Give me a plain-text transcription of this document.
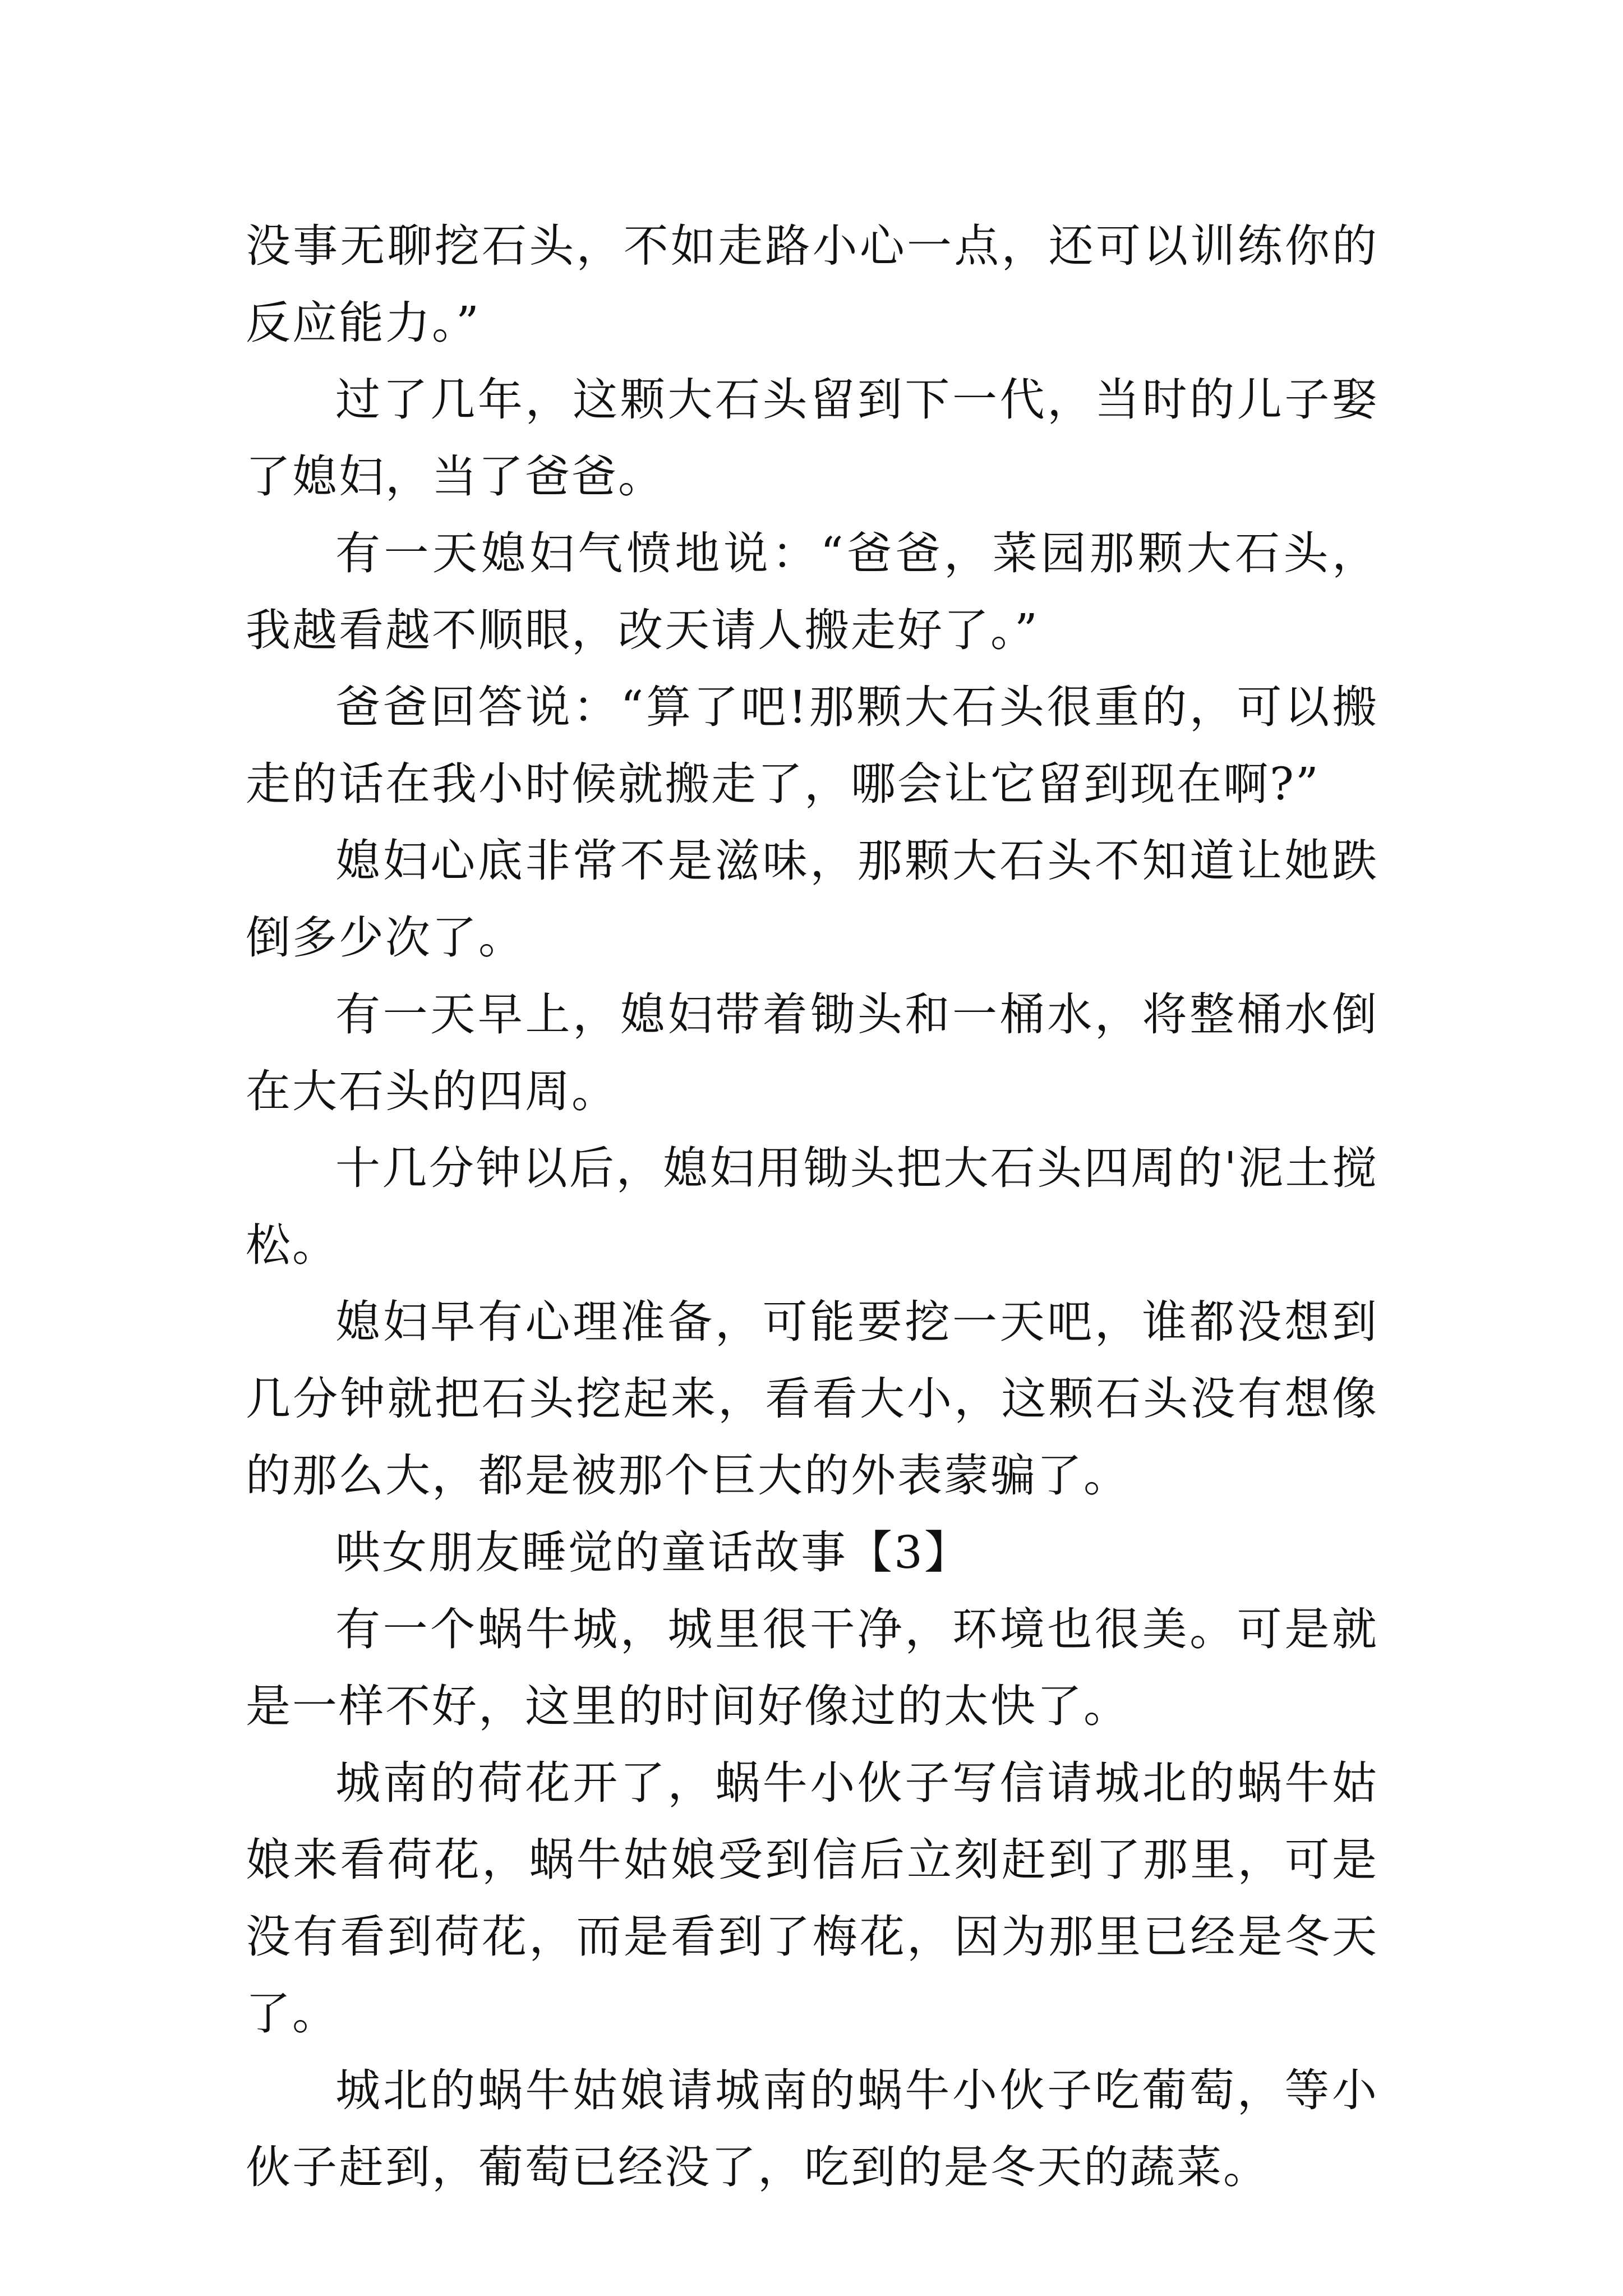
没事无聊挖石头，不如走路小心一点，还可以训练你的反应能力。”

过了几年，这颗大石头留到下一代，当时的儿子娶了媳妇，当了爸爸。

有一天媳妇气愤地说：“爸爸，菜园那颗大石头，我越看越不顺眼，改天请人搬走好了。”

爸爸回答说：“算了吧!那颗大石头很重的，可以搬走的话在我小时候就搬走了，哪会让它留到现在啊?”

媳妇心底非常不是滋味，那颗大石头不知道让她跌倒多少次了。

有一天早上，媳妇带着锄头和一桶水，将整桶水倒在大石头的四周。

十几分钟以后，媳妇用锄头把大石头四周的'泥土搅松。

媳妇早有心理准备，可能要挖一天吧，谁都没想到几分钟就把石头挖起来，看看大小，这颗石头没有想像的那么大，都是被那个巨大的外表蒙骗了。

哄女朋友睡觉的童话故事【3】

有一个蜗牛城，城里很干净，环境也很美。可是就是一样不好，这里的时间好像过的太快了。

城南的荷花开了，蜗牛小伙子写信请城北的蜗牛姑娘来看荷花，蜗牛姑娘受到信后立刻赶到了那里，可是没有看到荷花，而是看到了梅花，因为那里已经是冬天了。

城北的蜗牛姑娘请城南的蜗牛小伙子吃葡萄，等小伙子赶到，葡萄已经没了，吃到的是冬天的蔬菜。
